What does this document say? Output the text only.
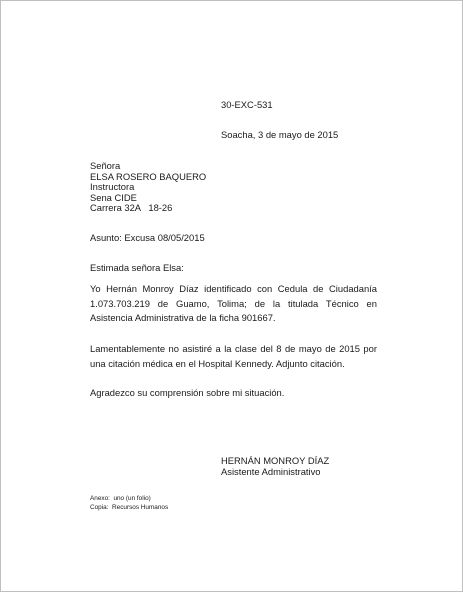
30-EXC-531

Soacha, 3 de mayo de 2015

Señora
ELSA ROSERO BAQUERO
Instructora
Sena CIDE
Carrera 32A   18-26

Asunto: Excusa 08/05/2015

Estimada señora Elsa:

Yo Hernán Monroy Díaz identificado con Cedula de Ciudadanía 1.073.703.219 de Guamo, Tolima; de la titulada Técnico en Asistencia Administrativa de la ficha 901667.

Lamentablemente no asistiré a la clase del 8 de mayo de 2015 por una citación médica en el Hospital Kennedy. Adjunto citación.

Agradezco su comprensión sobre mi situación.

HERNÁN MONROY DÍAZ
Asistente Administrativo
Anexo:  uno (un folio)
Copia:  Recursos Humanos
